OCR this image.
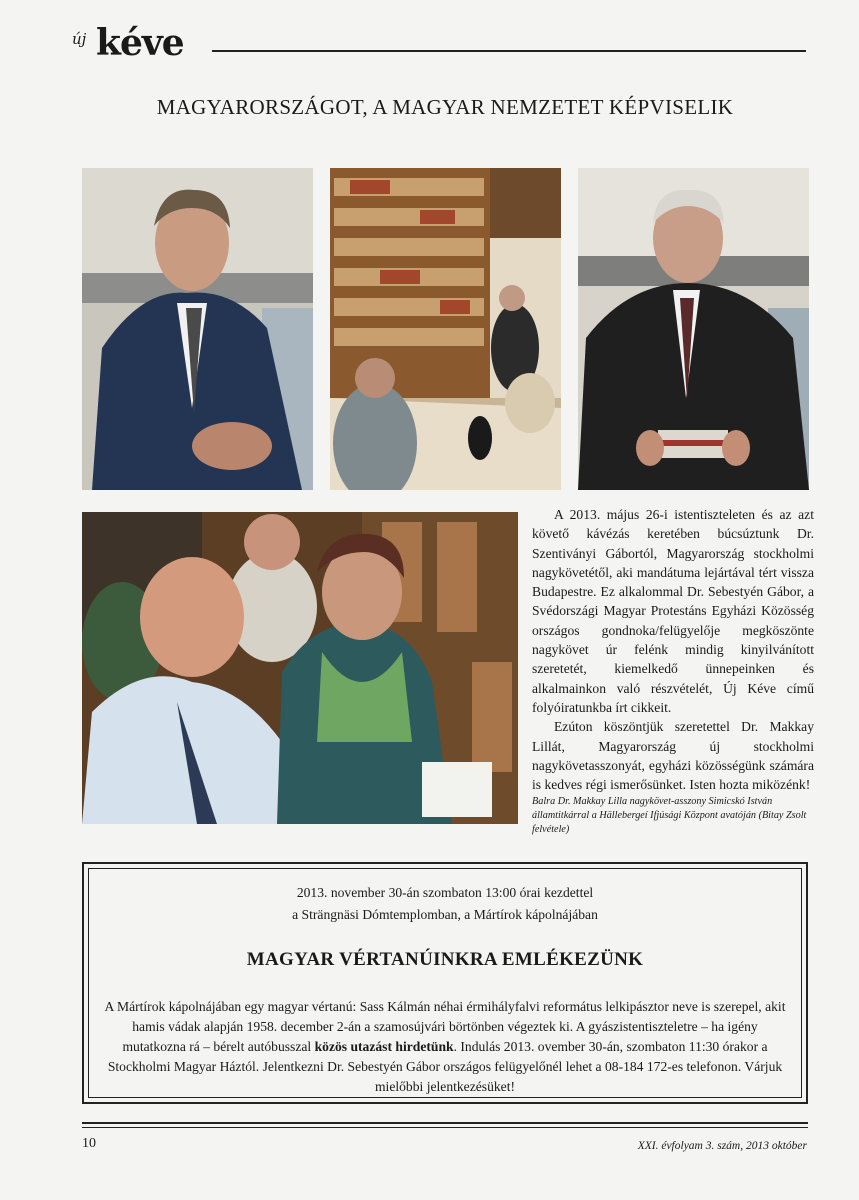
új kéve
MAGYARORSZÁGOT, A MAGYAR NEMZETET KÉPVISELIK

A 2013. május 26-i istentiszteleten és az azt követő kávézás keretében búcsúztunk Dr. Szentiványi Gábortól, Magyarország stockholmi nagykövetétől, aki mandátuma lejártával tért vissza Budapestre. Ez alkalommal Dr. Sebestyén Gábor, a Svédországi Magyar Protestáns Egyházi Közösség országos gondnoka/felügyelője megköszönte nagykövet úr felénk mindig kinyilvánított szeretetét, kiemelkedő ünnepeinken és alkalmainkon való részvételét, Új Kéve című folyóiratunkba írt cikkeit.

Ezúton köszöntjük szeretettel Dr. Makkay Lillát, Magyarország új stockholmi nagykövetasszonyát, egyházi közösségünk számára is kedves régi ismerősünket. Isten hozta miközénk!

Balra Dr. Makkay Lilla nagykövet-asszony Simicskó István államtitkárral a Hällebergeí Ifjúsági Központ avatóján (Bitay Zsolt felvétele)
2013. november 30-án szombaton 13:00 órai kezdettel
a Strängnäsi Dómtemplomban, a Mártírok kápolnájában
MAGYAR VÉRTANÚINKRA EMLÉKEZÜNK
A Mártírok kápolnájában egy magyar vértanú: Sass Kálmán néhai érmihályfalvi református lelkipásztor neve is szerepel, akit hamis vádak alapján 1958. december 2-án a szamosújvári börtönben végeztek ki. A gyászistentiszteletre – ha igény mutatkozna rá – bérelt autóbusszal közös utazást hirdetünk. Indulás 2013. ovember 30-án, szombaton 11:30 órakor a Stockholmi Magyar Háztól. Jelentkezni Dr. Sebestyén Gábor országos felügyelőnél lehet a 08-184 172-es telefonon. Várjuk mielőbbi jelentkezésüket!
10	XXI. évfolyam 3. szám, 2013 október
